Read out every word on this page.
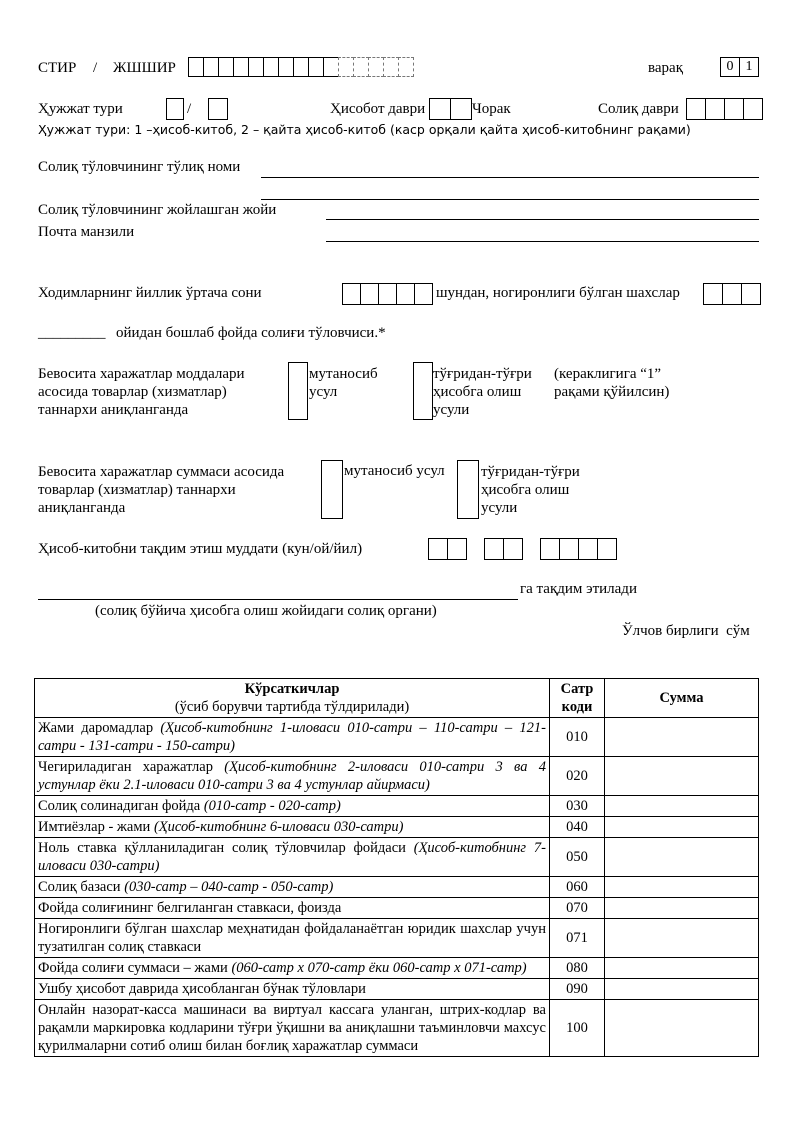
СТИР / ЖШШИР	варақ	0 1
Ҳужжат тури	/	Ҳисобот даври	Чорак	Солиқ даври
Ҳужжат тури: 1 –ҳисоб-китоб, 2 – қайта ҳисоб-китоб (каср орқали қайта ҳисоб-китобнинг рақами)
Солиқ тўловчининг тўлиқ номи
Солиқ тўловчининг жойлашган жойи
Почта манзили
Ходимларнинг йиллик ўртача сони	шундан, ногиронлиги бўлган шахслар
_________ ойидан бошлаб фойда солиғи тўловчиси.*
Бевосита харажатлар моддалари
асосида товарлар (хизматлар)
таннархи аниқланганда
мутаносиб
усул
тўғридан-тўғри
ҳисобга олиш
усули
(кераклигига “1”
рақами қўйилсин)
Бевосита харажатлар суммаси асосида
товарлар (хизматлар) таннархи
аниқланганда
мутаносиб усул тўғридан-тўғри
ҳисобга олиш
усули
Ҳисоб-китобни тақдим этиш муддати (кун/ой/йил)
га тақдим этилади
(солиқ бўйича ҳисобга олиш жойидаги солиқ органи)
Ўлчов бирлиги  сўм
Кўрсаткичлар
(ўсиб борувчи тартибда тўлдирилади)	Сатр коди	Сумма
Жами даромадлар (Ҳисоб-китобнинг 1-иловаси 010-сатри – 110-сатри – 121-сатри - 131-сатри - 150-сатри)	010	
Чегириладиган харажатлар (Ҳисоб-китобнинг 2-иловаси 010-сатри 3 ва 4 устунлар ёки 2.1-иловаси 010-сатри 3 ва 4 устунлар айирмаси)	020	
Солиқ солинадиган фойда (010-сатр - 020-сатр)	030	
Имтиёзлар - жами (Ҳисоб-китобнинг 6-иловаси 030-сатри)	040	
Ноль ставка қўлланиладиган солиқ тўловчилар фойдаси (Ҳисоб-китобнинг 7-иловаси 030-сатри)	050	
Солиқ базаси (030-сатр – 040-сатр - 050-сатр)	060	
Фойда солиғининг белгиланган ставкаси, фоизда	070	
Ногиронлиги бўлган шахслар меҳнатидан фойдаланаётган юридик шахслар учун тузатилган солиқ ставкаси	071	
Фойда солиғи суммаси – жами (060-сатр х 070-сатр ёки 060-сатр х 071-сатр)	080	
Ушбу ҳисобот даврида ҳисобланган бўнак тўловлари	090	
Онлайн назорат-касса машинаси ва виртуал кассага уланган, штрих-кодлар ва рақамли маркировка кодларини тўғри ўқишни ва аниқлашни таъминловчи махсус қурилмаларни сотиб олиш билан боғлиқ харажатлар суммаси	100	
